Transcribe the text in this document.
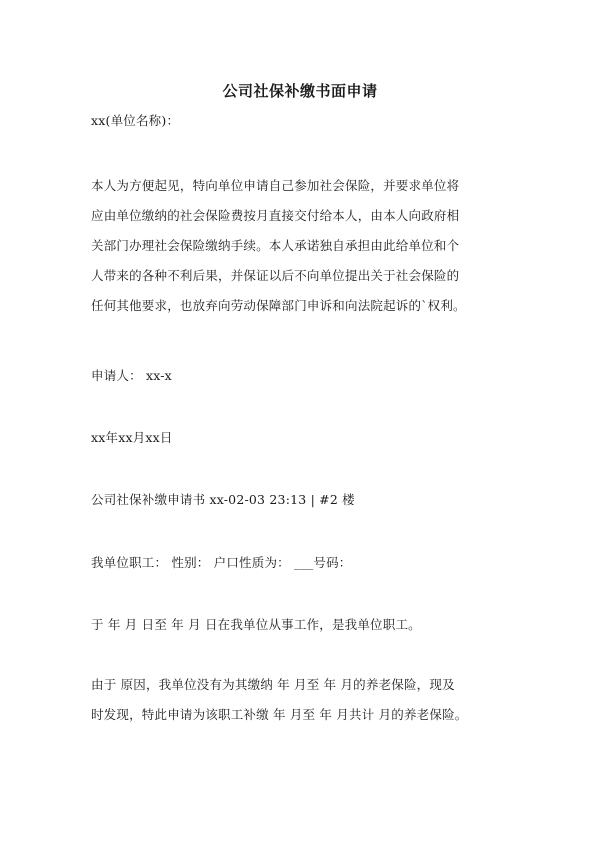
公司社保补缴书面申请
xx(单位名称)：
本人为方便起见，特向单位申请自己参加社会保险，并要求单位将
应由单位缴纳的社会保险费按月直接交付给本人，由本人向政府相
关部门办理社会保险缴纳手续。本人承诺独自承担由此给单位和个
人带来的各种不利后果，并保证以后不向单位提出关于社会保险的
任何其他要求，也放弃向劳动保障部门申诉和向法院起诉的`权利。
申请人： xx-x
xx年xx月xx日
公司社保补缴申请书 xx-02-03 23:13 | #2 楼
我单位职工： 性别： 户口性质为： ___号码：
于 年 月 日至 年 月 日在我单位从事工作，是我单位职工。
由于 原因，我单位没有为其缴纳 年 月至 年 月的养老保险，现及
时发现，特此申请为该职工补缴 年 月至 年 月共计 月的养老保险。
